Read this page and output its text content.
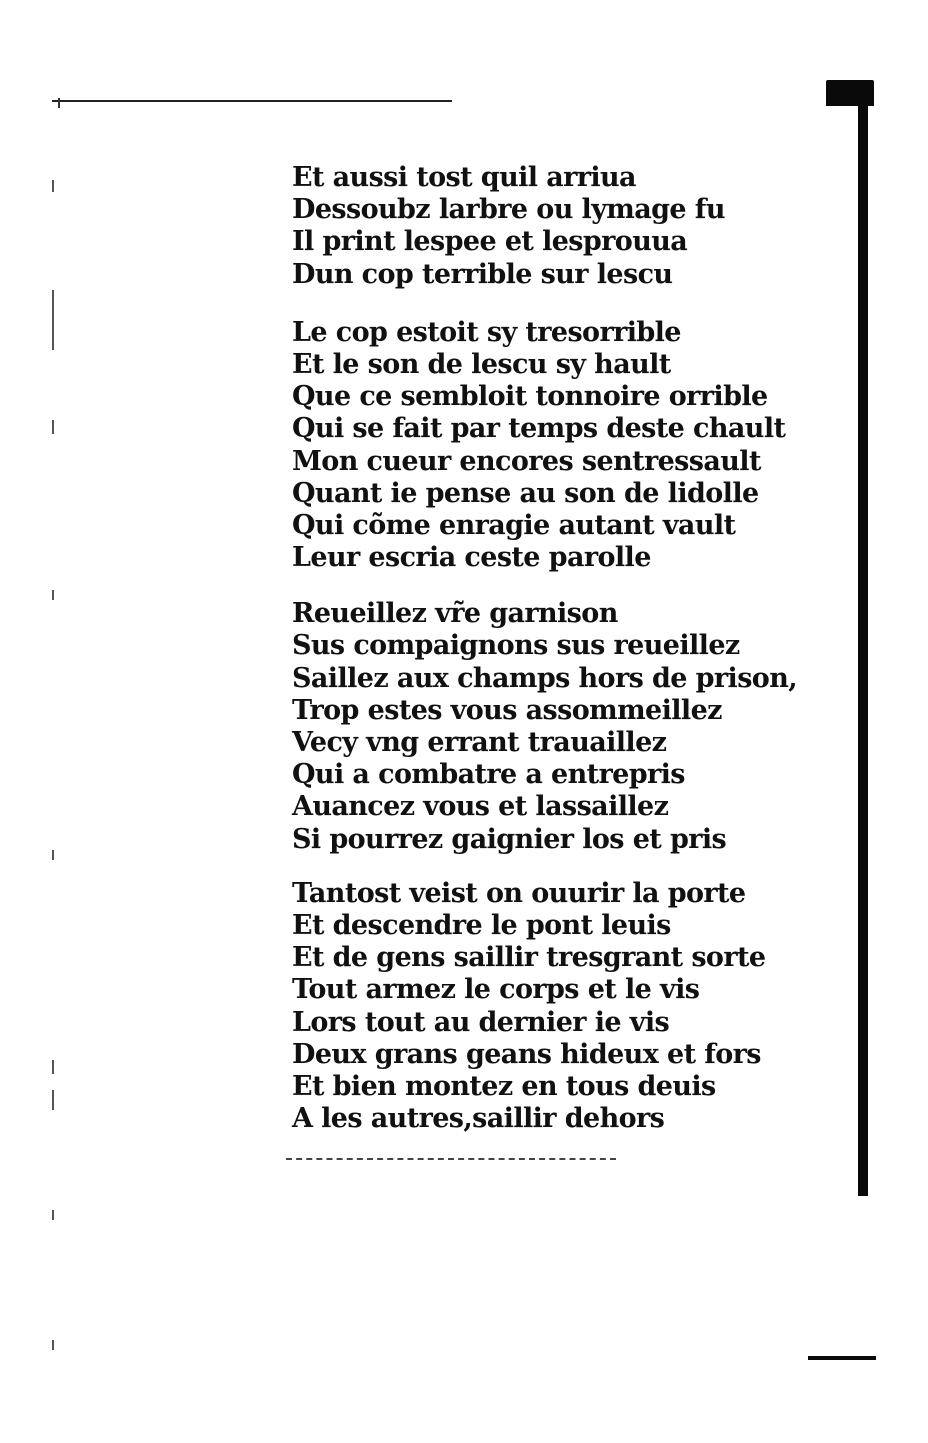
Et aussi tost quil arriua
Dessoubz larbre ou lymage fu
Il print lespee et lesprouua
Dun cop terrible sur lescu
Le cop estoit sy tresorrible
Et le son de lescu sy hault
Que ce sembloit tonnoire orrible
Qui se fait par temps deste chault
Mon cueur encores sentressault
Quant ie pense au son de lidolle
Qui cõme enragie autant vault
Leur escria ceste parolle
Reueillez vr̃e garnison
Sus compaignons sus reueillez
Saillez aux champs hors de prison,
Trop estes vous assommeillez
Vecy vng errant trauaillez
Qui a combatre a entrepris
Auancez vous et lassaillez
Si pourrez gaignier los et pris
Tantost veist on ouurir la porte
Et descendre le pont leuis
Et de gens saillir tresgrant sorte
Tout armez le corps et le vis
Lors tout au dernier ie vis
Deux grans geans hideux et fors
Et bien montez en tous deuis
A les autres,saillir dehors
